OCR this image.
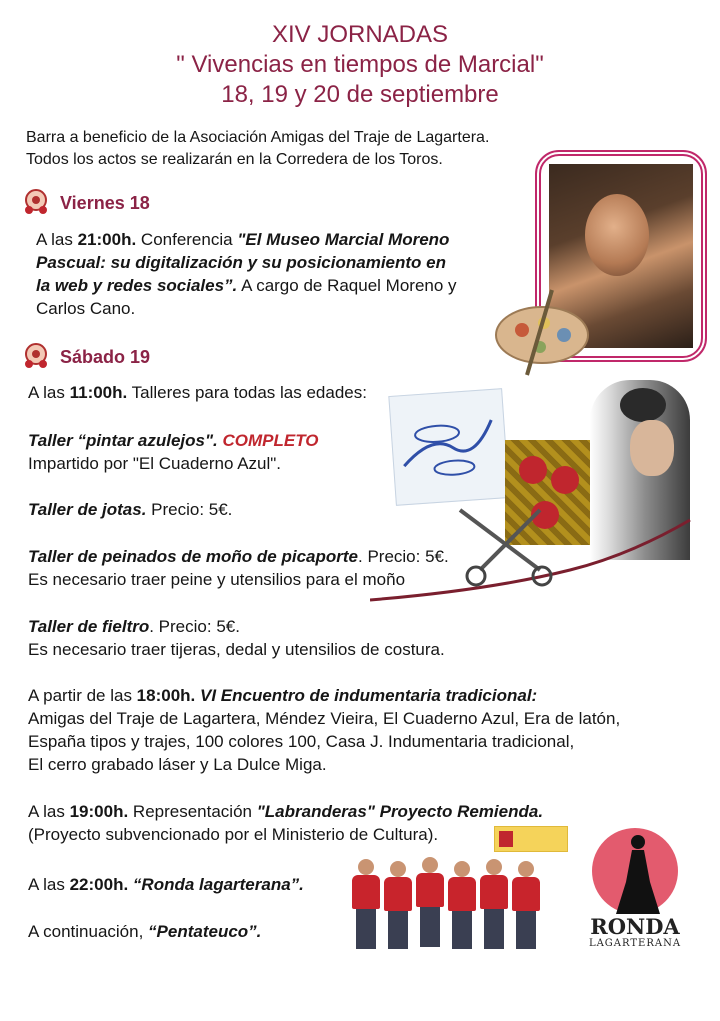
XIV JORNADAS
" Vivencias en tiempos de Marcial"
18, 19 y 20 de septiembre
Barra a beneficio de la Asociación Amigas del Traje de Lagartera.
Todos los actos se realizarán en la Corredera de los Toros.
Viernes 18
A las 21:00h. Conferencia "El Museo Marcial Moreno
Pascual: su digitalización y su posicionamiento en
la web y redes sociales”. A cargo de Raquel Moreno y
Carlos Cano.
Sábado 19
A las 11:00h. Talleres para todas las edades:
Taller “pintar azulejos". COMPLETO
Impartido por "El Cuaderno Azul".
Taller de jotas. Precio: 5€.
Taller de peinados de moño de picaporte. Precio: 5€.
Es necesario traer peine y utensilios para el moño
Taller de fieltro. Precio: 5€.
Es necesario traer tijeras, dedal y utensilios de costura.
A partir de las 18:00h. VI Encuentro de indumentaria tradicional:
Amigas del Traje de Lagartera, Méndez Vieira, El Cuaderno Azul, Era de latón,
España tipos y trajes, 100 colores 100, Casa J. Indumentaria tradicional,
El cerro grabado láser y La Dulce Miga.
A las 19:00h. Representación "Labranderas" Proyecto Remienda.
(Proyecto subvencionado por el Ministerio de Cultura).
A las 22:00h. “Ronda lagarterana”.
A continuación, “Pentateuco”.	RONDA
LAGARTERANA
